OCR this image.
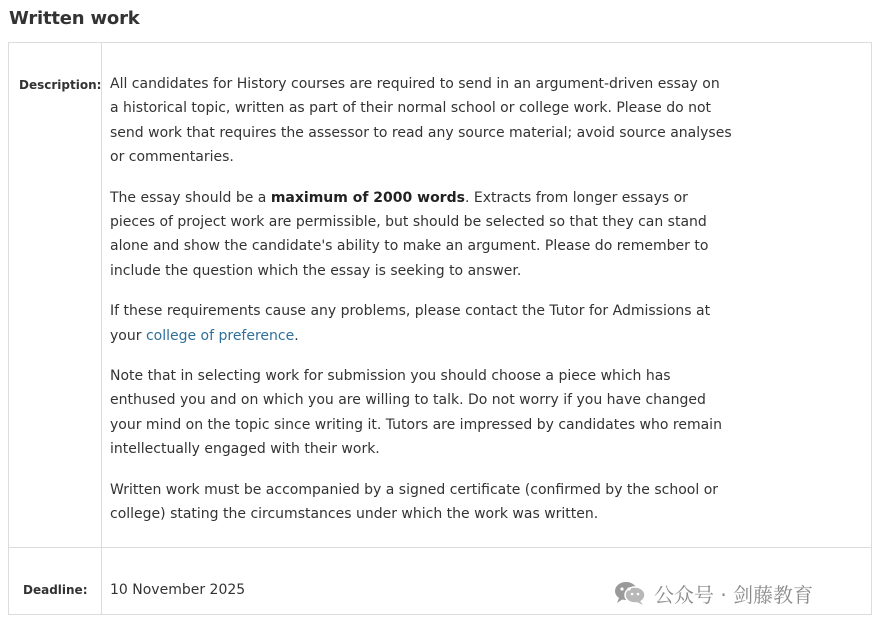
Written work
Description:	All candidates for History courses are required to send in an argument-driven essay on a historical topic, written as part of their normal school or college work. Please do not send work that requires the assessor to read any source material; avoid source analyses or commentaries.

The essay should be a maximum of 2000 words. Extracts from longer essays or pieces of project work are permissible, but should be selected so that they can stand alone and show the candidate's ability to make an argument. Please do remember to include the question which the essay is seeking to answer.

If these requirements cause any problems, please contact the Tutor for Admissions at your college of preference.

Note that in selecting work for submission you should choose a piece which has enthused you and on which you are willing to talk. Do not worry if you have changed your mind on the topic since writing it. Tutors are impressed by candidates who remain intellectually engaged with their work.

Written work must be accompanied by a signed certificate (confirmed by the school or college) stating the circumstances under which the work was written.

Deadline:	10 November 2025	公众号 · 剑藤教育
